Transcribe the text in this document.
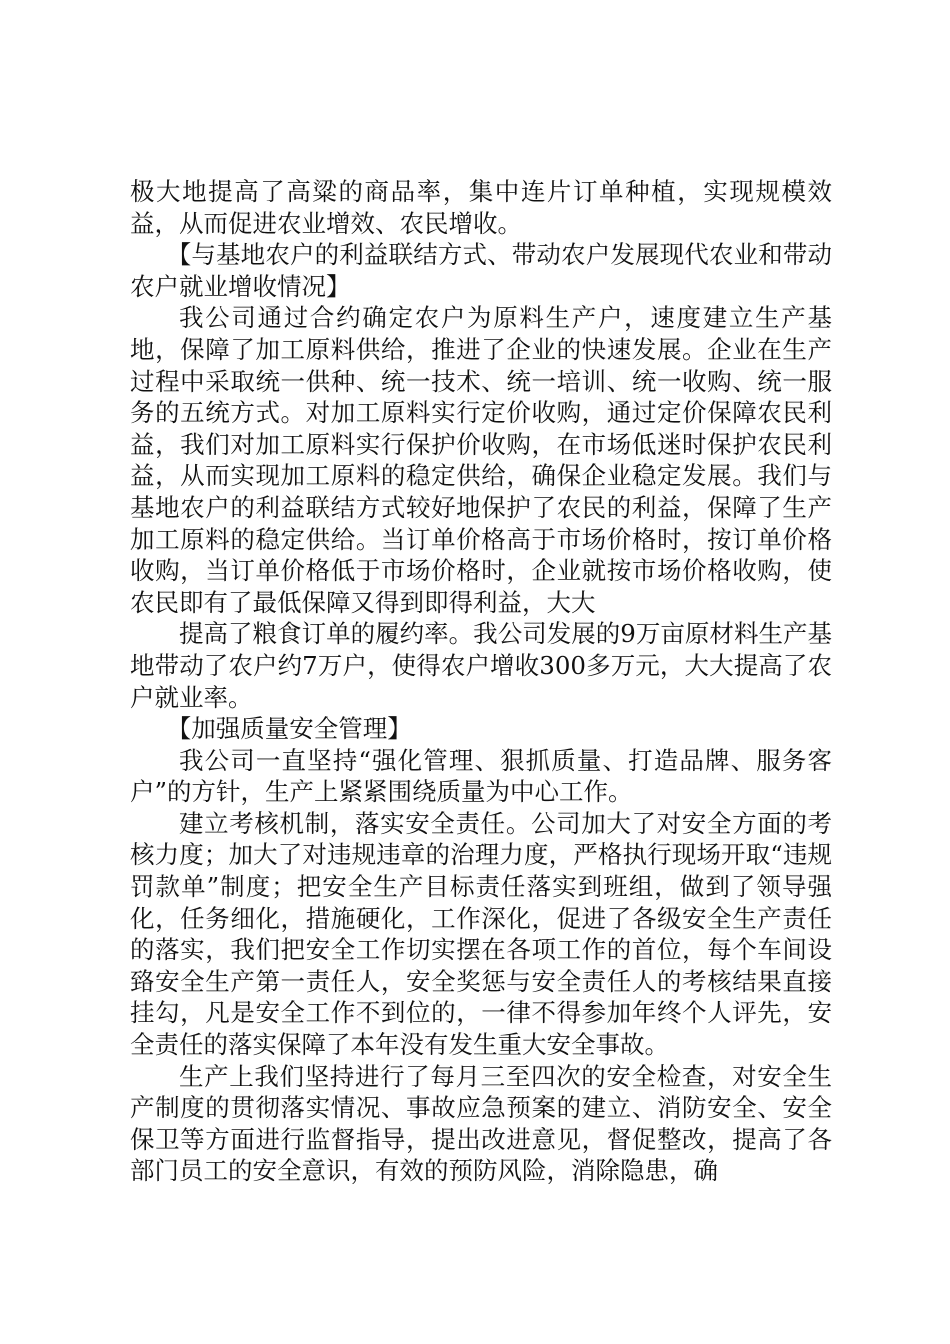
极大地提高了高粱的商品率，集中连片订单种植，实现规模效益，从而促进农业增效、农民增收。

【与基地农户的利益联结方式、带动农户发展现代农业和带动农户就业增收情况】

我公司通过合约确定农户为原料生产户，速度建立生产基地，保障了加工原料供给，推进了企业的快速发展。企业在生产过程中采取统一供种、统一技术、统一培训、统一收购、统一服务的五统方式。对加工原料实行定价收购，通过定价保障农民利益，我们对加工原料实行保护价收购，在市场低迷时保护农民利益，从而实现加工原料的稳定供给，确保企业稳定发展。我们与基地农户的利益联结方式较好地保护了农民的利益，保障了生产加工原料的稳定供给。当订单价格高于市场价格时，按订单价格收购，当订单价格低于市场价格时，企业就按市场价格收购，使农民即有了最低保障又得到即得利益，大大

提高了粮食订单的履约率。我公司发展的9万亩原材料生产基地带动了农户约7万户，使得农户增收300多万元，大大提高了农户就业率。

【加强质量安全管理】

我公司一直坚持“强化管理、狠抓质量、打造品牌、服务客户”的方针，生产上紧紧围绕质量为中心工作。

建立考核机制，落实安全责任。公司加大了对安全方面的考核力度；加大了对违规违章的治理力度，严格执行现场开取“违规罚款单”制度；把安全生产目标责任落实到班组，做到了领导强化，任务细化，措施硬化，工作深化，促进了各级安全生产责任的落实，我们把安全工作切实摆在各项工作的首位，每个车间设臵安全生产第一责任人，安全奖惩与安全责任人的考核结果直接挂勾，凡是安全工作不到位的，一律不得参加年终个人评先，安全责任的落实保障了本年没有发生重大安全事故。

生产上我们坚持进行了每月三至四次的安全检查，对安全生产制度的贯彻落实情况、事故应急预案的建立、消防安全、安全保卫等方面进行监督指导，提出改进意见，督促整改，提高了各部门员工的安全意识，有效的预防风险，消除隐患，确
